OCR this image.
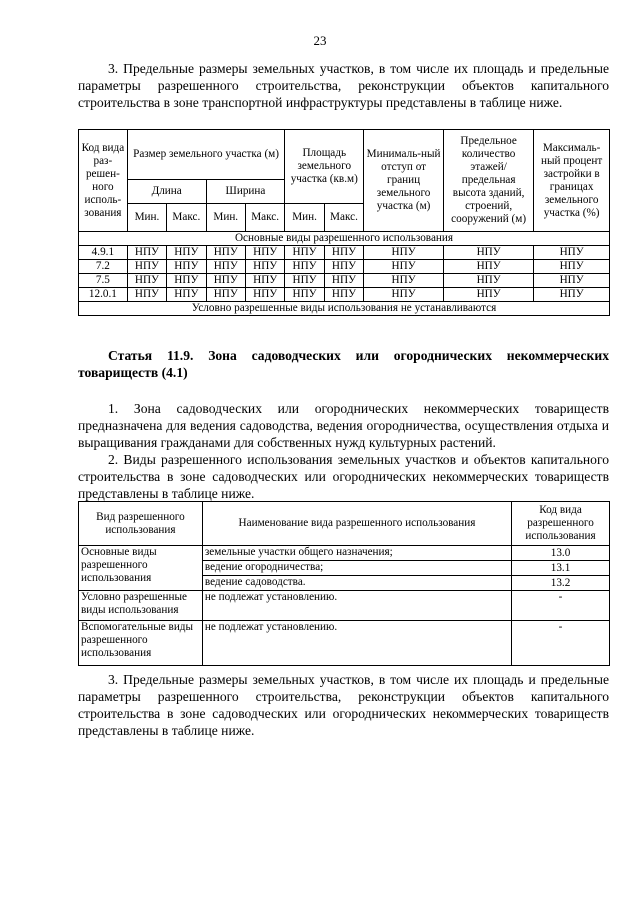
23

3. Предельные размеры земельных участков, в том числе их площадь и предельные параметры разрешенного строительства, реконструкции объектов капитального строительства в зоне транспортной инфраструктуры представлены в таблице ниже.

Код вида раз-решен-ного исполь-зования	Размер земельного участка (м)				Площадь земельного участка (кв.м)		Минималь-ный отступ от границ земельного участка (м)	Предельное количество этажей/ предельная высота зданий, строений, сооружений (м)	Максималь-ный процент застройки в границах земельного участка (%)
	Длина		Ширина						
	Мин.	Макс.	Мин.	Макс.	Мин.	Макс.			
Основные виды разрешенного использования									
4.9.1	НПУ	НПУ	НПУ	НПУ	НПУ	НПУ	НПУ	НПУ	НПУ
7.2	НПУ	НПУ	НПУ	НПУ	НПУ	НПУ	НПУ	НПУ	НПУ
7.5	НПУ	НПУ	НПУ	НПУ	НПУ	НПУ	НПУ	НПУ	НПУ
12.0.1	НПУ	НПУ	НПУ	НПУ	НПУ	НПУ	НПУ	НПУ	НПУ
Условно разрешенные виды использования не устанавливаются									

Статья 11.9. Зона садоводческих или огороднических некоммерческих товариществ (4.1)

1. Зона садоводческих или огороднических некоммерческих товариществ предназначена для ведения садоводства, ведения огородничества, осуществления отдыха и выращивания гражданами для собственных нужд культурных растений.

2. Виды разрешенного использования земельных участков и объектов капитального строительства в зоне садоводческих или огороднических некоммерческих товариществ представлены в таблице ниже.

Вид разрешенного использования	Наименование вида разрешенного использования	Код вида разрешенного использования
Основные виды разрешенного использования	земельные участки общего назначения;	13.0
	ведение огородничества;	13.1
	ведение садоводства.	13.2
Условно разрешенные виды использования	не подлежат установлению.	-
Вспомогательные виды разрешенного использования	не подлежат установлению.	-

3. Предельные размеры земельных участков, в том числе их площадь и предельные параметры разрешенного строительства, реконструкции объектов капитального строительства в зоне садоводческих или огороднических некоммерческих товариществ представлены в таблице ниже.
